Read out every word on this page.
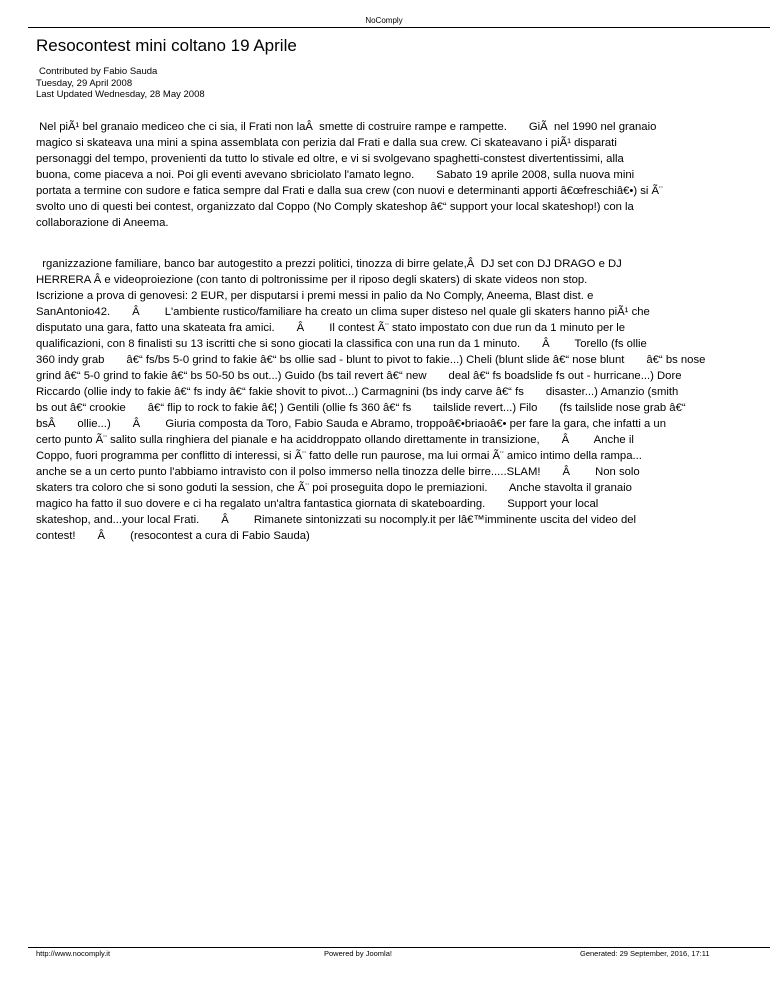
NoComply
Resocontest mini coltano 19 Aprile
Contributed by Fabio Sauda
Tuesday, 29 April 2008
Last Updated Wednesday, 28 May 2008
Nel piÃ¹ bel granaio mediceo che ci sia, il Frati non laÂ  smette di costruire rampe e rampette.       GiÃ  nel 1990 nel granaio
magico si skateava una mini a spina assemblata con perizia dal Frati e dalla sua crew. Ci skateavano i piÃ¹ disparati
personaggi del tempo, provenienti da tutto lo stivale ed oltre, e vi si svolgevano spaghetti-constest divertentissimi, alla
buona, come piaceva a noi. Poi gli eventi avevano sbriciolato l'amato legno.       Sabato 19 aprile 2008, sulla nuova mini
portata a termine con sudore e fatica sempre dal Frati e dalla sua crew (con nuovi e determinanti apporti â€œfreschiâ€•) si Ã¨
svolto uno di questi bei contest, organizzato dal Coppo (No Comply skateshop â€“ support your local skateshop!) con la
collaborazione di Aneema.
rganizzazione familiare, banco bar autogestito a prezzi politici, tinozza di birre gelate,Â  DJ set con DJ DRAGO e DJ
HERRERA Â e videoproiezione (con tanto di poltronissime per il riposo degli skaters) di skate videos non stop.
Iscrizione a prova di genovesi: 2 EUR, per disputarsi i premi messi in palio da No Comply, Aneema, Blast dist. e
SanAntonio42.       Â        L'ambiente rustico/familiare ha creato un clima super disteso nel quale gli skaters hanno piÃ¹ che
disputato una gara, fatto una skateata fra amici.       Â        Il contest Ã¨ stato impostato con due run da 1 minuto per le
qualificazioni, con 8 finalisti su 13 iscritti che si sono giocati la classifica con una run da 1 minuto.       Â        Torello (fs ollie
360 indy grab       â€“ fs/bs 5-0 grind to fakie â€“ bs ollie sad - blunt to pivot to fakie...) Cheli (blunt slide â€“ nose blunt       â€“ bs nose
grind â€“ 5-0 grind to fakie â€“ bs 50-50 bs out...) Guido (bs tail revert â€“ new       deal â€“ fs boadslide fs out - hurricane...) Dore
Riccardo (ollie indy to fakie â€“ fs indy â€“ fakie shovit to pivot...) Carmagnini (bs indy carve â€“ fs       disaster...) Amanzio (smith
bs out â€“ crookie       â€“ flip to rock to fakie â€¦ ) Gentili (ollie fs 360 â€“ fs       tailslide revert...) Filo       (fs tailslide nose grab â€“
bsÂ       ollie...)       Â        Giuria composta da Toro, Fabio Sauda e Abramo, troppoâ€•briaoâ€• per fare la gara, che infatti a un
certo punto Ã¨ salito sulla ringhiera del pianale e ha aciddroppato ollando direttamente in transizione,       Â        Anche il
Coppo, fuori programma per conflitto di interessi, si Ã¨ fatto delle run paurose, ma lui ormai Ã¨ amico intimo della rampa...
anche se a un certo punto l'abbiamo intravisto con il polso immerso nella tinozza delle birre.....SLAM!       Â        Non solo
skaters tra coloro che si sono goduti la session, che Ã¨ poi proseguita dopo le premiazioni.       Anche stavolta il granaio
magico ha fatto il suo dovere e ci ha regalato un'altra fantastica giornata di skateboarding.       Support your local
skateshop, and...your local Frati.       Â        Rimanete sintonizzati su nocomply.it per lâ€™imminente uscita del video del
contest!       Â        (resocontest a cura di Fabio Sauda)
http://www.nocomply.it	Powered by Joomla!	Generated: 29 September, 2016, 17:11
